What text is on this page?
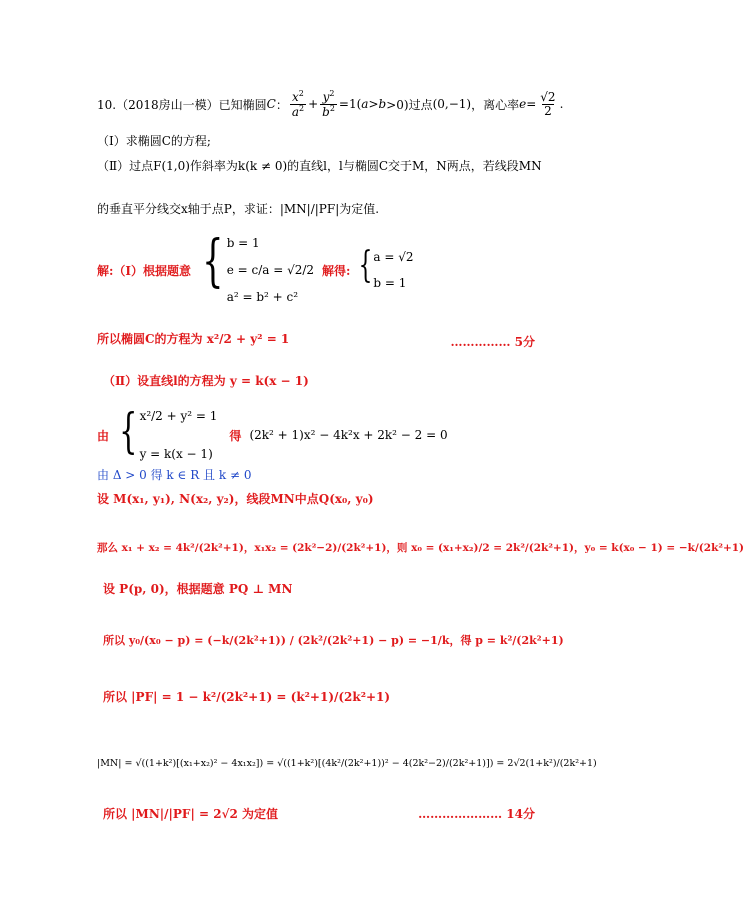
10.（2018房山一模）已知椭圆 C ： $\frac{x^2}{a^2} + \frac{y^2}{b^2} =1$( a > b >0)过点 (0,−1) ，离心率 $e = \frac{√2}{2}$ .
（Ⅰ）求椭圆C的方程;
（Ⅱ）过点F(1,0)作斜率为k(k ≠ 0)的直线l，l与椭圆C交于M，N两点，若线段MN
的垂直平分线交x轴于点P，求证：|MN|/|PF|为定值.
解:（Ⅰ）根据题意 { b = 1
e = c/a = √2/2
a² = b² + c²
解得: { a = √2
b = 1
所以椭圆C的方程为 x²/2 + y² = 1	…………… 5分
（Ⅱ）设直线l的方程为 y = k(x − 1)
由 { x²/2 + y² = 1
y = k(x − 1)
得 (2k² + 1)x² − 4k²x + 2k² − 2 = 0
由 Δ > 0 得 k ∈ R 且 k ≠ 0
设 M(x₁, y₁), N(x₂, y₂)，线段MN中点Q(x₀, y₀)
那么 x₁ + x₂ = 4k²/(2k²+1)，x₁x₂ = (2k²−2)/(2k²+1)，则 x₀ = (x₁+x₂)/2 = 2k²/(2k²+1)，y₀ = k(x₀ − 1) = −k/(2k²+1)
设 P(p, 0)，根据题意 PQ ⊥ MN
所以 y₀/(x₀ − p) = (−k/(2k²+1)) / (2k²/(2k²+1) − p) = −1/k，得 p = k²/(2k²+1)
所以 |PF| = 1 − k²/(2k²+1) = (k²+1)/(2k²+1)
|MN| = √((1+k²)[(x₁+x₂)² − 4x₁x₂]) = √((1+k²)[(4k²/(2k²+1))² − 4(2k²−2)/(2k²+1)]) = 2√2(1+k²)/(2k²+1)
所以 |MN|/|PF| = 2√2 为定值	………………… 14分
